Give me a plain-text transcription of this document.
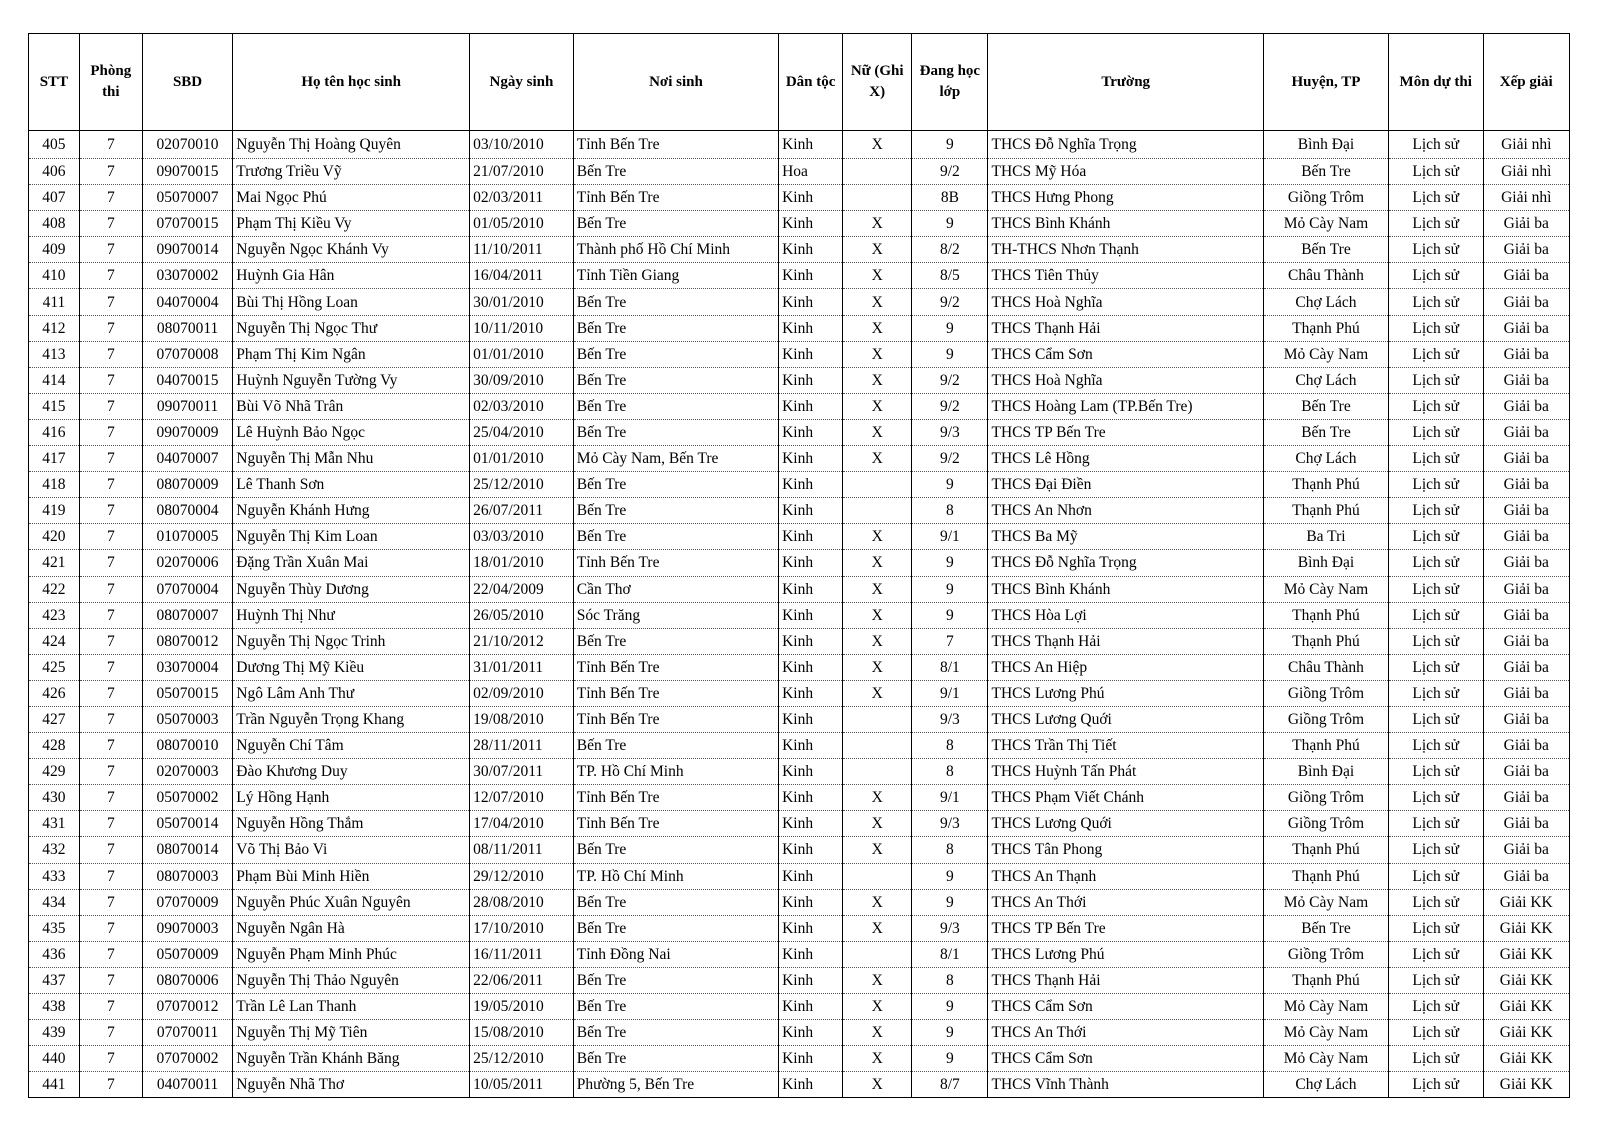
STT	Phòng thi	SBD	Họ tên học sinh	Ngày sinh	Nơi sinh	Dân tộc	Nữ (Ghi X)	Đang học lớp	Trường	Huyện, TP	Môn dự thi	Xếp giải
405	7	02070010	Nguyễn Thị Hoàng Quyên	03/10/2010	Tỉnh Bến Tre	Kinh	X	9	THCS Đỗ Nghĩa Trọng	Bình Đại	Lịch sử	Giải nhì
406	7	09070015	Trương Triều Vỹ	21/07/2010	Bến Tre	Hoa		9/2	THCS Mỹ Hóa	Bến Tre	Lịch sử	Giải nhì
407	7	05070007	Mai Ngọc Phú	02/03/2011	Tỉnh Bến Tre	Kinh		8B	THCS Hưng Phong	Giồng Trôm	Lịch sử	Giải nhì
408	7	07070015	Phạm Thị Kiều Vy	01/05/2010	Bến Tre	Kinh	X	9	THCS Bình Khánh	Mỏ Cày Nam	Lịch sử	Giải ba
409	7	09070014	Nguyễn Ngọc Khánh Vy	11/10/2011	Thành phố Hồ Chí Minh	Kinh	X	8/2	TH-THCS Nhơn Thạnh	Bến Tre	Lịch sử	Giải ba
410	7	03070002	Huỳnh Gia Hân	16/04/2011	Tỉnh Tiền Giang	Kinh	X	8/5	THCS Tiên Thủy	Châu Thành	Lịch sử	Giải ba
411	7	04070004	Bùi Thị Hồng Loan	30/01/2010	Bến Tre	Kinh	X	9/2	THCS Hoà Nghĩa	Chợ Lách	Lịch sử	Giải ba
412	7	08070011	Nguyễn Thị Ngọc Thư	10/11/2010	Bến Tre	Kinh	X	9	THCS Thạnh Hải	Thạnh Phú	Lịch sử	Giải ba
413	7	07070008	Phạm Thị Kim Ngân	01/01/2010	Bến Tre	Kinh	X	9	THCS Cẩm Sơn	Mỏ Cày Nam	Lịch sử	Giải ba
414	7	04070015	Huỳnh Nguyễn Tường Vy	30/09/2010	Bến Tre	Kinh	X	9/2	THCS Hoà Nghĩa	Chợ Lách	Lịch sử	Giải ba
415	7	09070011	Bùi Võ Nhã Trân	02/03/2010	Bến Tre	Kinh	X	9/2	THCS Hoàng Lam (TP.Bến Tre)	Bến Tre	Lịch sử	Giải ba
416	7	09070009	Lê Huỳnh Bảo Ngọc	25/04/2010	Bến Tre	Kinh	X	9/3	THCS TP Bến Tre	Bến Tre	Lịch sử	Giải ba
417	7	04070007	Nguyễn Thị Mẫn Nhu	01/01/2010	Mỏ Cày Nam, Bến Tre	Kinh	X	9/2	THCS Lê Hồng	Chợ Lách	Lịch sử	Giải ba
418	7	08070009	Lê Thanh Sơn	25/12/2010	Bến Tre	Kinh		9	THCS Đại Điền	Thạnh Phú	Lịch sử	Giải ba
419	7	08070004	Nguyễn Khánh Hưng	26/07/2011	Bến Tre	Kinh		8	THCS An Nhơn	Thạnh Phú	Lịch sử	Giải ba
420	7	01070005	Nguyễn Thị Kim Loan	03/03/2010	Bến Tre	Kinh	X	9/1	THCS Ba Mỹ	Ba Tri	Lịch sử	Giải ba
421	7	02070006	Đặng Trần Xuân Mai	18/01/2010	Tỉnh Bến Tre	Kinh	X	9	THCS Đỗ Nghĩa Trọng	Bình Đại	Lịch sử	Giải ba
422	7	07070004	Nguyễn Thùy Dương	22/04/2009	Cần Thơ	Kinh	X	9	THCS Bình Khánh	Mỏ Cày Nam	Lịch sử	Giải ba
423	7	08070007	Huỳnh Thị Như	26/05/2010	Sóc Trăng	Kinh	X	9	THCS Hòa Lợi	Thạnh Phú	Lịch sử	Giải ba
424	7	08070012	Nguyễn Thị Ngọc Trinh	21/10/2012	Bến Tre	Kinh	X	7	THCS Thạnh Hải	Thạnh Phú	Lịch sử	Giải ba
425	7	03070004	Dương Thị Mỹ Kiều	31/01/2011	Tỉnh Bến Tre	Kinh	X	8/1	THCS An Hiệp	Châu Thành	Lịch sử	Giải ba
426	7	05070015	Ngô Lâm Anh Thư	02/09/2010	Tỉnh Bến Tre	Kinh	X	9/1	THCS Lương Phú	Giồng Trôm	Lịch sử	Giải ba
427	7	05070003	Trần Nguyễn Trọng Khang	19/08/2010	Tỉnh Bến Tre	Kinh		9/3	THCS Lương Quới	Giồng Trôm	Lịch sử	Giải ba
428	7	08070010	Nguyễn Chí Tâm	28/11/2011	Bến Tre	Kinh		8	THCS Trần Thị Tiết	Thạnh Phú	Lịch sử	Giải ba
429	7	02070003	Đào Khương Duy	30/07/2011	TP. Hồ Chí Minh	Kinh		8	THCS Huỳnh Tấn Phát	Bình Đại	Lịch sử	Giải ba
430	7	05070002	Lý Hồng Hạnh	12/07/2010	Tỉnh Bến Tre	Kinh	X	9/1	THCS Phạm Viết Chánh	Giồng Trôm	Lịch sử	Giải ba
431	7	05070014	Nguyễn Hồng Thắm	17/04/2010	Tỉnh Bến Tre	Kinh	X	9/3	THCS Lương Quới	Giồng Trôm	Lịch sử	Giải ba
432	7	08070014	Võ Thị Bảo Vi	08/11/2011	Bến Tre	Kinh	X	8	THCS Tân Phong	Thạnh Phú	Lịch sử	Giải ba
433	7	08070003	Phạm Bùi Minh Hiền	29/12/2010	TP. Hồ Chí Minh	Kinh		9	THCS An Thạnh	Thạnh Phú	Lịch sử	Giải ba
434	7	07070009	Nguyễn Phúc Xuân Nguyên	28/08/2010	Bến Tre	Kinh	X	9	THCS An Thới	Mỏ Cày Nam	Lịch sử	Giải KK
435	7	09070003	Nguyễn Ngân Hà	17/10/2010	Bến Tre	Kinh	X	9/3	THCS TP Bến Tre	Bến Tre	Lịch sử	Giải KK
436	7	05070009	Nguyễn Phạm Minh Phúc	16/11/2011	Tỉnh Đồng Nai	Kinh		8/1	THCS Lương Phú	Giồng Trôm	Lịch sử	Giải KK
437	7	08070006	Nguyễn Thị Thảo Nguyên	22/06/2011	Bến Tre	Kinh	X	8	THCS Thạnh Hải	Thạnh Phú	Lịch sử	Giải KK
438	7	07070012	Trần Lê Lan Thanh	19/05/2010	Bến Tre	Kinh	X	9	THCS Cẩm Sơn	Mỏ Cày Nam	Lịch sử	Giải KK
439	7	07070011	Nguyễn Thị Mỹ Tiên	15/08/2010	Bến Tre	Kinh	X	9	THCS An Thới	Mỏ Cày Nam	Lịch sử	Giải KK
440	7	07070002	Nguyễn Trần Khánh Băng	25/12/2010	Bến Tre	Kinh	X	9	THCS Cẩm Sơn	Mỏ Cày Nam	Lịch sử	Giải KK
441	7	04070011	Nguyễn Nhã Thơ	10/05/2011	Phường 5, Bến Tre	Kinh	X	8/7	THCS Vĩnh Thành	Chợ Lách	Lịch sử	Giải KK
